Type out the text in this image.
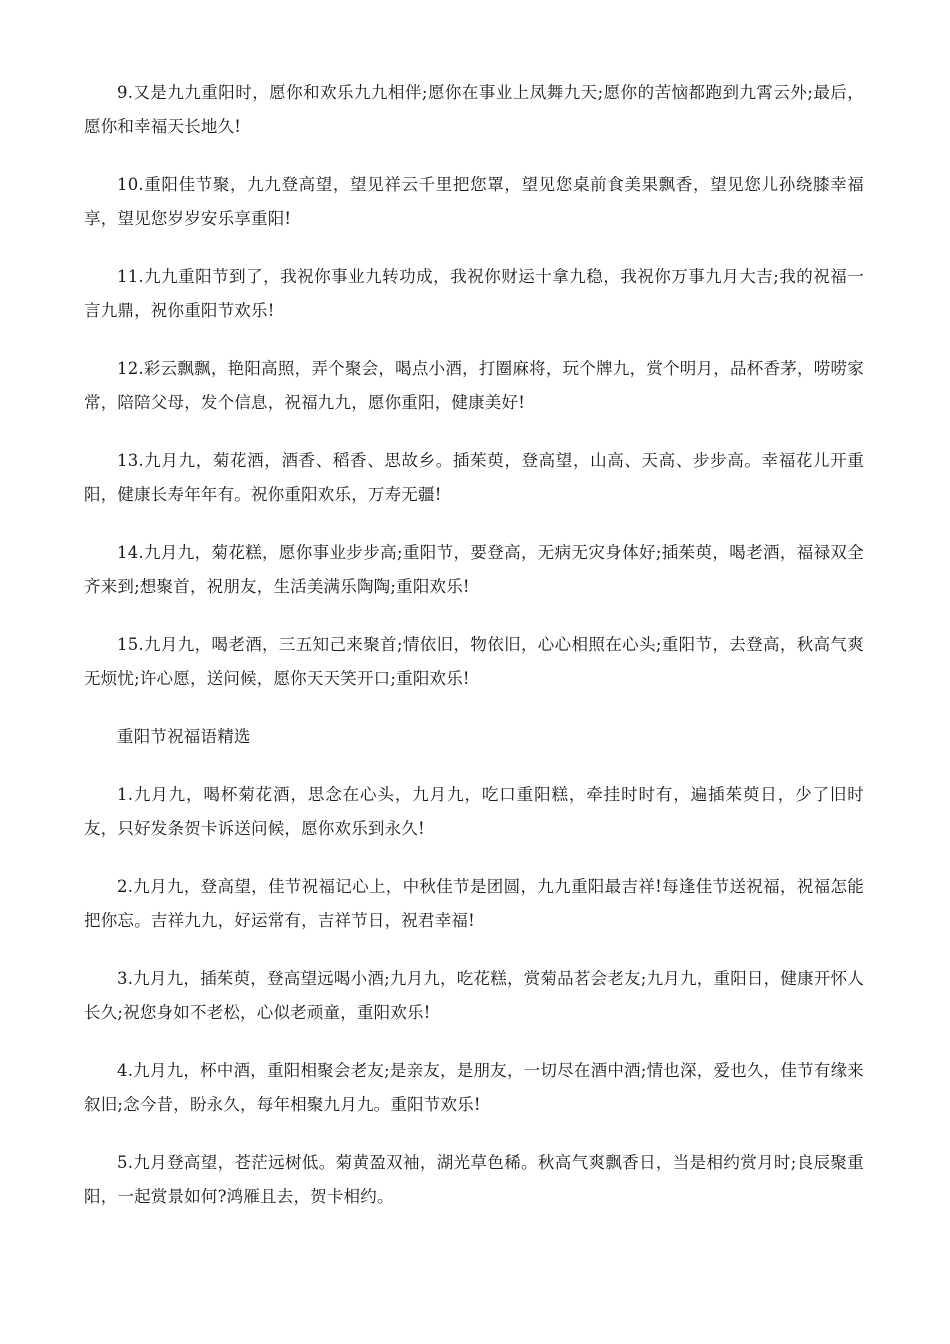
9.又是九九重阳时，愿你和欢乐九九相伴;愿你在事业上凤舞九天;愿你的苦恼都跑到九霄云外;最后，愿你和幸福天长地久!

10.重阳佳节聚，九九登高望，望见祥云千里把您罩，望见您桌前食美果飘香，望见您儿孙绕膝幸福享，望见您岁岁安乐享重阳!

11.九九重阳节到了，我祝你事业九转功成，我祝你财运十拿九稳，我祝你万事九月大吉;我的祝福一言九鼎，祝你重阳节欢乐!

12.彩云飘飘，艳阳高照，弄个聚会，喝点小酒，打圈麻将，玩个牌九，赏个明月，品杯香茅，唠唠家常，陪陪父母，发个信息，祝福九九，愿你重阳，健康美好!

13.九月九，菊花酒，酒香、稻香、思故乡。插茱萸，登高望，山高、天高、步步高。幸福花儿开重阳，健康长寿年年有。祝你重阳欢乐，万寿无疆!

14.九月九，菊花糕，愿你事业步步高;重阳节，要登高，无病无灾身体好;插茱萸，喝老酒，福禄双全齐来到;想聚首，祝朋友，生活美满乐陶陶;重阳欢乐!

15.九月九，喝老酒，三五知己来聚首;情依旧，物依旧，心心相照在心头;重阳节，去登高，秋高气爽无烦忧;许心愿，送问候，愿你天天笑开口;重阳欢乐!

重阳节祝福语精选

1.九月九，喝杯菊花酒，思念在心头，九月九，吃口重阳糕，牵挂时时有，遍插茱萸日，少了旧时友，只好发条贺卡诉送问候，愿你欢乐到永久!

2.九月九，登高望，佳节祝福记心上，中秋佳节是团圆，九九重阳最吉祥!每逢佳节送祝福，祝福怎能把你忘。吉祥九九，好运常有，吉祥节日，祝君幸福!

3.九月九，插茱萸，登高望远喝小酒;九月九，吃花糕，赏菊品茗会老友;九月九，重阳日，健康开怀人长久;祝您身如不老松，心似老顽童，重阳欢乐!

4.九月九，杯中酒，重阳相聚会老友;是亲友，是朋友，一切尽在酒中酒;情也深，爱也久，佳节有缘来叙旧;念今昔，盼永久，每年相聚九月九。重阳节欢乐!

5.九月登高望，苍茫远树低。菊黄盈双袖，湖光草色稀。秋高气爽飘香日，当是相约赏月时;良辰聚重阳，一起赏景如何?鸿雁且去，贺卡相约。
